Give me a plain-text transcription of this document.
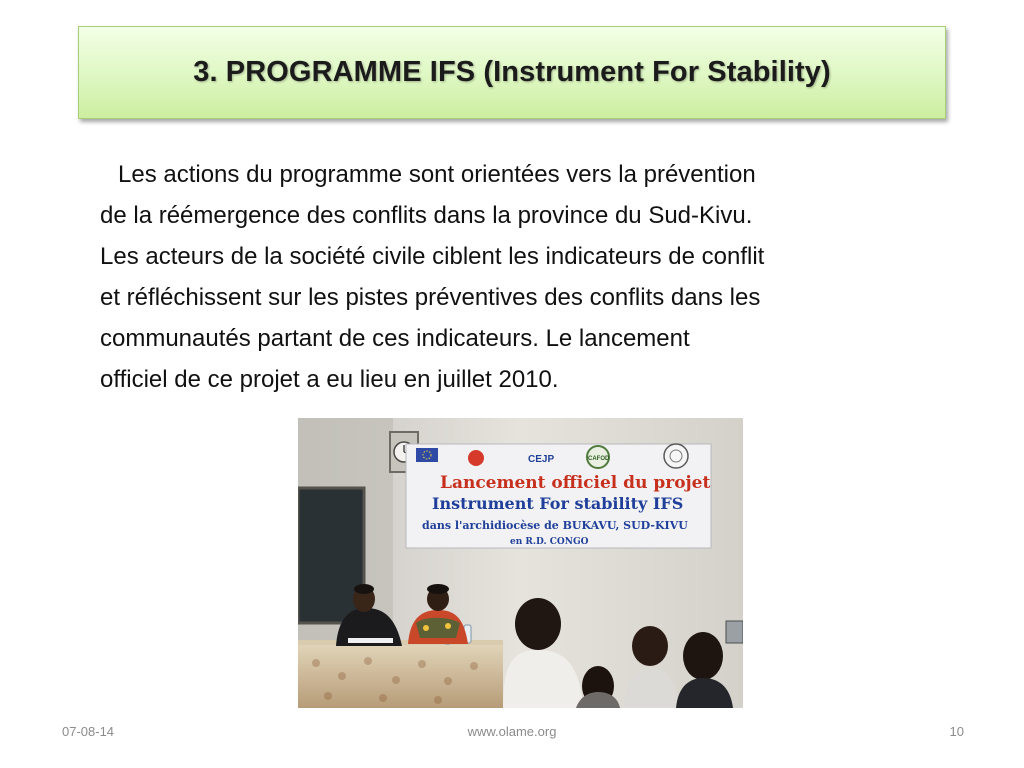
3. PROGRAMME IFS (Instrument For Stability)
Les actions du programme sont orientées vers la prévention
de la réémergence des conflits dans la province du Sud-Kivu.
Les acteurs de la société civile ciblent les indicateurs de conflit
et réfléchissent sur les pistes préventives des conflits dans les
communautés partant de ces indicateurs. Le lancement
officiel de ce projet a eu lieu en juillet 2010.
CEJP	CAFOD
Lancement officiel du projet
Instrument For stability IFS
dans l'archidiocèse de BUKAVU, SUD-KIVU
en R.D. CONGO
07-08-14	www.olame.org	10
